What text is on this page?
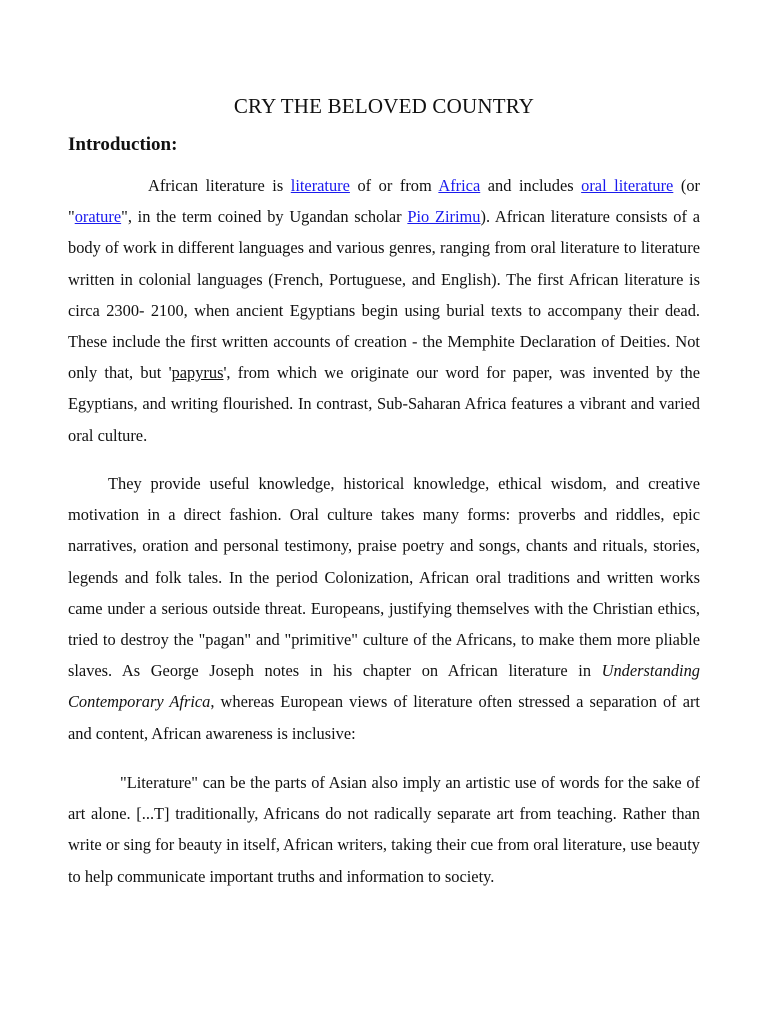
CRY THE BELOVED COUNTRY
Introduction:

African literature is literature of or from Africa and includes oral literature (or "orature", in the term coined by Ugandan scholar Pio Zirimu). African literature consists of a body of work in different languages and various genres, ranging from oral literature to literature written in colonial languages (French, Portuguese, and English). The first African literature is circa 2300- 2100, when ancient Egyptians begin using burial texts to accompany their dead. These include the first written accounts of creation - the Memphite Declaration of Deities. Not only that, but 'papyrus', from which we originate our word for paper, was invented by the Egyptians, and writing flourished. In contrast, Sub-Saharan Africa features a vibrant and varied oral culture.

They provide useful knowledge, historical knowledge, ethical wisdom, and creative motivation in a direct fashion. Oral culture takes many forms: proverbs and riddles, epic narratives, oration and personal testimony, praise poetry and songs, chants and rituals, stories, legends and folk tales. In the period Colonization, African oral traditions and written works came under a serious outside threat. Europeans, justifying themselves with the Christian ethics, tried to destroy the "pagan" and "primitive" culture of the Africans, to make them more pliable slaves. As George Joseph notes in his chapter on African literature in Understanding Contemporary Africa, whereas European views of literature often stressed a separation of art and content, African awareness is inclusive:

"Literature" can be the parts of Asian also imply an artistic use of words for the sake of art alone. [...T] traditionally, Africans do not radically separate art from teaching. Rather than write or sing for beauty in itself, African writers, taking their cue from oral literature, use beauty to help communicate important truths and information to society.
